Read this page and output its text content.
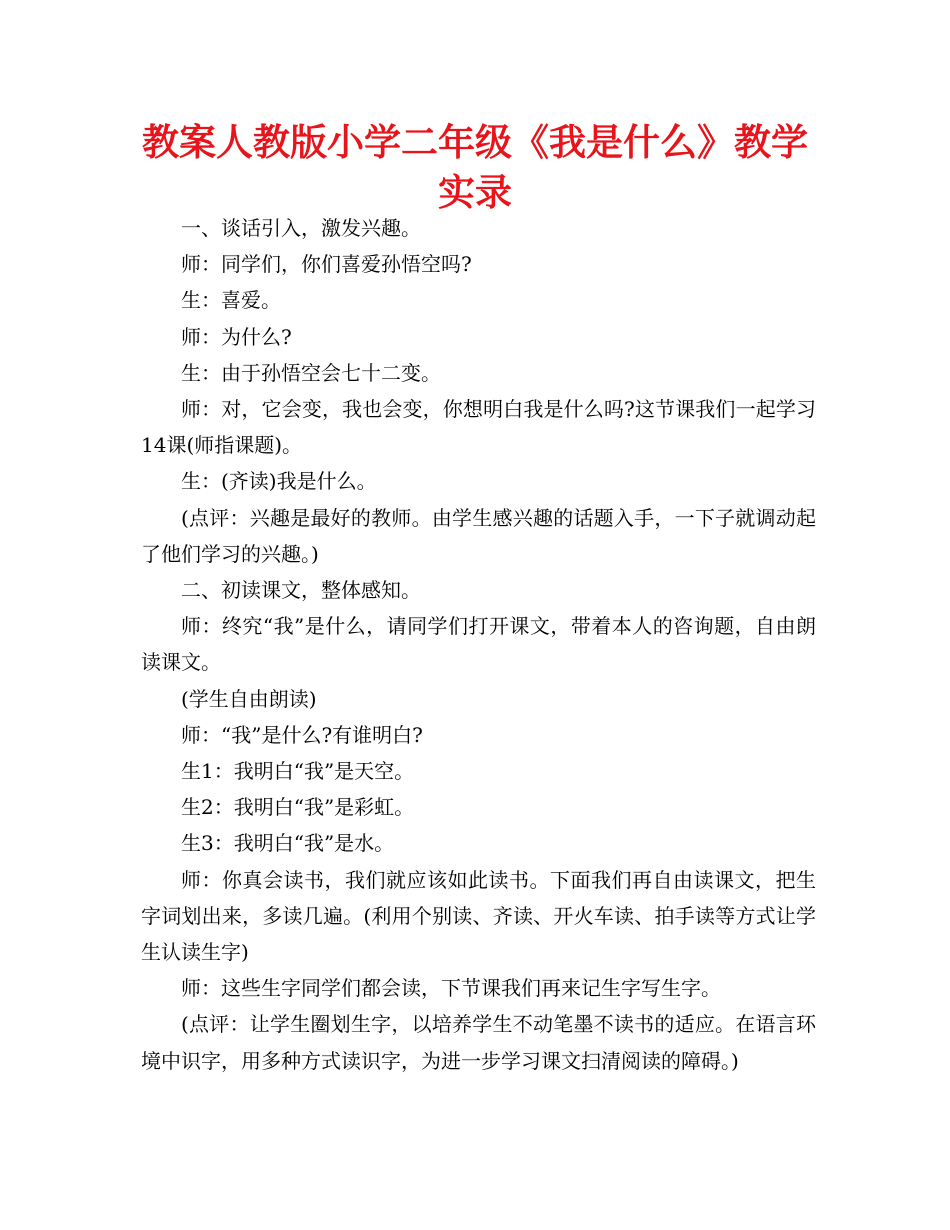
教案人教版小学二年级《我是什么》教学实录

一、谈话引入，激发兴趣。

师：同学们，你们喜爱孙悟空吗?

生：喜爱。

师：为什么?

生：由于孙悟空会七十二变。

师：对，它会变，我也会变，你想明白我是什么吗?这节课我们一起学习14课(师指课题)。

生：(齐读)我是什么。

(点评：兴趣是最好的教师。由学生感兴趣的话题入手，一下子就调动起了他们学习的兴趣。)

二、初读课文，整体感知。

师：终究“我”是什么，请同学们打开课文，带着本人的咨询题，自由朗读课文。

(学生自由朗读)

师：“我”是什么?有谁明白?

生1：我明白“我”是天空。

生2：我明白“我”是彩虹。

生3：我明白“我”是水。

师：你真会读书，我们就应该如此读书。下面我们再自由读课文，把生字词划出来，多读几遍。(利用个别读、齐读、开火车读、拍手读等方式让学生认读生字)

师：这些生字同学们都会读，下节课我们再来记生字写生字。

(点评：让学生圈划生字，以培养学生不动笔墨不读书的适应。在语言环境中识字，用多种方式读识字，为进一步学习课文扫清阅读的障碍。)
